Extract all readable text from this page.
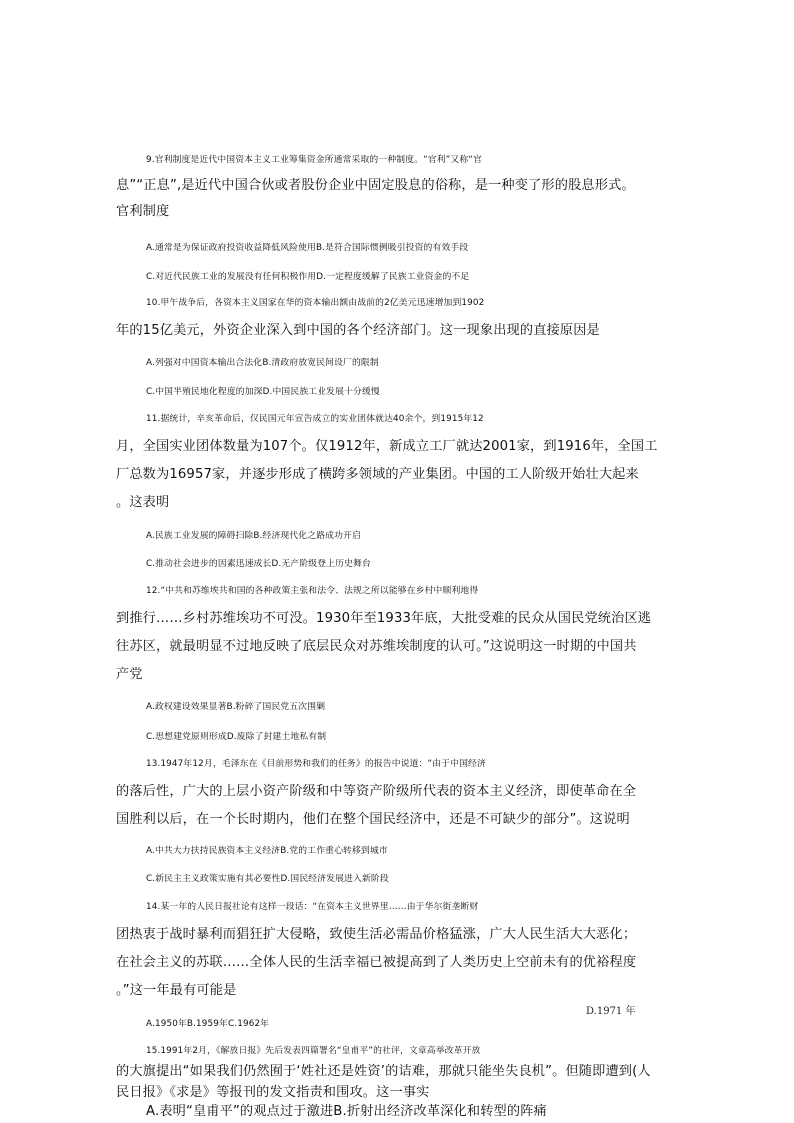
9.官利制度是近代中国资本主义工业筹集资金所通常采取的一种制度。“官利”又称“官
息”“正息”,是近代中国合伙或者股份企业中固定股息的俗称，是一种变了形的股息形式。
官利制度
A.通常是为保证政府投资收益降低风险使用B.是符合国际惯例吸引投资的有效手段
C.对近代民族工业的发展没有任何积极作用D.一定程度缓解了民族工业资金的不足
10.甲午战争后，各资本主义国家在华的资本输出额由战前的2亿美元迅速增加到1902
年的15亿美元，外资企业深入到中国的各个经济部门。这一现象出现的直接原因是
A.列强对中国资本输出合法化B.清政府放宽民间设厂的限制
C.中国半殖民地化程度的加深D.中国民族工业发展十分缓慢
11.据统计，辛亥革命后，仅民国元年宣告成立的实业团体就达40余个，到1915年12
月，全国实业团体数量为107个。仅1912年，新成立工厂就达2001家，到1916年，全国工
厂总数为16957家，并逐步形成了横跨多领域的产业集团。中国的工人阶级开始壮大起来
。这表明
A.民族工业发展的障碍扫除B.经济现代化之路成功开启
C.推动社会进步的因素迅速成长D.无产阶级登上历史舞台
12.“中共和苏维埃共和国的各种政策主张和法令、法规之所以能够在乡村中顺利地得
到推行……乡村苏维埃功不可没。1930年至1933年底，大批受难的民众从国民党统治区逃
往苏区，就最明显不过地反映了底层民众对苏维埃制度的认可。”这说明这一时期的中国共
产党
A.政权建设效果显著B.粉碎了国民党五次围剿
C.思想建党原则形成D.废除了封建土地私有制
13.1947年12月，毛泽东在《目前形势和我们的任务》的报告中说道：“由于中国经济
的落后性，广大的上层小资产阶级和中等资产阶级所代表的资本主义经济，即使革命在全
国胜利以后，在一个长时期内，他们在整个国民经济中，还是不可缺少的部分”。这说明
A.中共大力扶持民族资本主义经济B.党的工作重心转移到城市
C.新民主主义政策实施有其必要性D.国民经济发展进入新阶段
14.某一年的人民日报社论有这样一段话：“在资本主义世界里……由于华尔街垄断财
团热衷于战时暴利而猖狂扩大侵略，致使生活必需品价格猛涨，广大人民生活大大恶化；
在社会主义的苏联……全体人民的生活幸福已被提高到了人类历史上空前未有的优裕程度
。”这一年最有可能是
A.1950年B.1959年C.1962年
D.1971 年
15.1991年2月，《解放日报》先后发表四篇署名“皇甫平”的社评，文章高举改革开放
的大旗提出“如果我们仍然囿于‘姓社还是姓资’的诘难，那就只能坐失良机”。但随即遭到(人
民日报》《求是》等报刊的发文指责和围攻。这一事实
A.表明“皇甫平”的观点过于激进B.折射出经济改革深化和转型的阵痛
